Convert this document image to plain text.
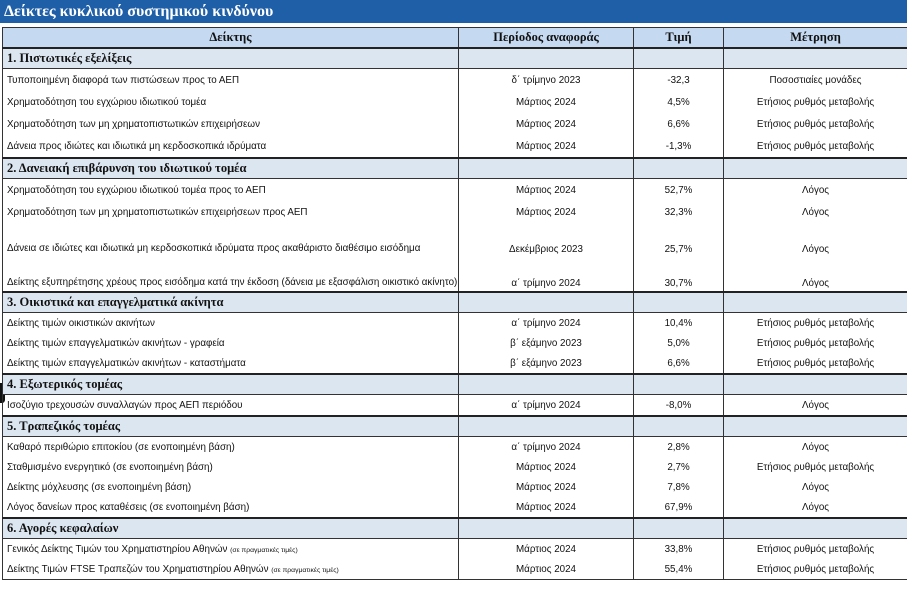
Δείκτες κυκλικού συστημικού κινδύνου
Δείκτης	Περίοδος αναφοράς	Τιμή	Μέτρηση
1. Πιστωτικές εξελίξεις			
Τυποποιημένη διαφορά των πιστώσεων προς το ΑΕΠ	δ΄ τρίμηνο 2023	-32,3	Ποσοστιαίες μονάδες
Χρηματοδότηση του εγχώριου ιδιωτικού τομέα	Μάρτιος 2024	4,5%	Ετήσιος ρυθμός μεταβολής
Χρηματοδότηση των μη χρηματοπιστωτικών επιχειρήσεων	Μάρτιος 2024	6,6%	Ετήσιος ρυθμός μεταβολής
Δάνεια προς ιδιώτες και ιδιωτικά μη κερδοσκοπικά ιδρύματα	Μάρτιος 2024	-1,3%	Ετήσιος ρυθμός μεταβολής
2. Δανειακή επιβάρυνση του ιδιωτικού τομέα			
Χρηματοδότηση του εγχώριου ιδιωτικού τομέα προς το ΑΕΠ	Μάρτιος 2024	52,7%	Λόγος
Χρηματοδότηση των μη χρηματοπιστωτικών επιχειρήσεων προς ΑΕΠ	Μάρτιος 2024	32,3%	Λόγος
Δάνεια σε ιδιώτες και ιδιωτικά μη κερδοσκοπικά ιδρύματα προς ακαθάριστο διαθέσιμο εισόδημα	Δεκέμβριος 2023	25,7%	Λόγος
Δείκτης εξυπηρέτησης χρέους προς εισόδημα κατά την έκδοση (δάνεια με εξασφάλιση οικιστικό ακίνητο)	α΄ τρίμηνο 2024	30,7%	Λόγος
3. Οικιστικά και επαγγελματικά ακίνητα			
Δείκτης τιμών οικιστικών ακινήτων	α΄ τρίμηνο 2024	10,4%	Ετήσιος ρυθμός μεταβολής
Δείκτης τιμών επαγγελματικών ακινήτων - γραφεία	β΄ εξάμηνο 2023	5,0%	Ετήσιος ρυθμός μεταβολής
Δείκτης τιμών επαγγελματικών ακινήτων - καταστήματα	β΄ εξάμηνο 2023	6,6%	Ετήσιος ρυθμός μεταβολής
4. Εξωτερικός τομέας			
Ισοζύγιο τρεχουσών συναλλαγών προς ΑΕΠ περιόδου	α΄ τρίμηνο 2024	-8,0%	Λόγος
5. Τραπεζικός τομέας			
Καθαρό περιθώριο επιτοκίου (σε ενοποιημένη βάση)	α΄ τρίμηνο 2024	2,8%	Λόγος
Σταθμισμένο ενεργητικό (σε ενοποιημένη βάση)	Μάρτιος 2024	2,7%	Ετήσιος ρυθμός μεταβολής
Δείκτης μόχλευσης (σε ενοποιημένη βάση)	Μάρτιος 2024	7,8%	Λόγος
Λόγος δανείων προς καταθέσεις (σε ενοποιημένη βάση)	Μάρτιος 2024	67,9%	Λόγος
6. Αγορές κεφαλαίων			
Γενικός Δείκτης Τιμών του Χρηματιστηρίου Αθηνών (σε πραγματικές τιμές)	Μάρτιος 2024	33,8%	Ετήσιος ρυθμός μεταβολής
Δείκτης Τιμών FTSE Τραπεζών του Χρηματιστηρίου Αθηνών (σε πραγματικές τιμές)	Μάρτιος 2024	55,4%	Ετήσιος ρυθμός μεταβολής
